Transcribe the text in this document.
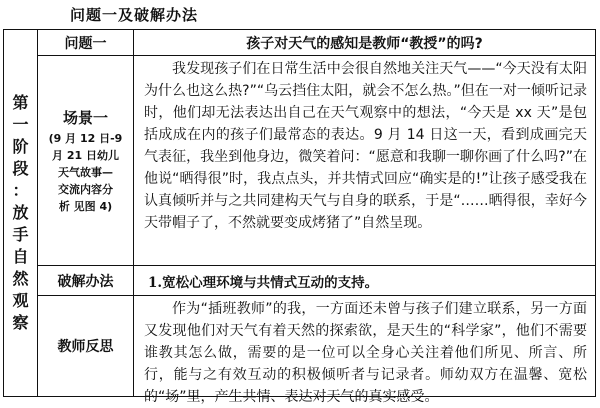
问题一及破解办法
第
一
阶
段
：
放
手
自
然
观
察
问题一	孩子对天气的感知是教师“教授”的吗?
场景一
(9 月 12 日-9
月 21 日幼儿
天气故事—
交流内容分
析 见图 4)
我发现孩子们在日常生活中会很自然地关注天气——“今天没有太阳为什么也这么热?”“乌云挡住太阳，就会不怎么热。”但在一对一倾听记录时，他们却无法表达出自己在天气观察中的想法，“今天是 xx 天”是包括成成在内的孩子们最常态的表达。9 月 14 日这一天，看到成画完天气表征，我坐到他身边，微笑着问：“愿意和我聊一聊你画了什么吗?”在他说“晒得很”时，我点点头，并共情式回应“确实是的!”让孩子感受我在认真倾听并与之共同建构天气与自身的联系，于是“……晒得很，幸好今天带帽子了，不然就要变成烤猪了”自然呈现。
破解办法	1.宽松心理环境与共情式互动的支持。
教师反思
作为“插班教师”的我，一方面还未曾与孩子们建立联系，另一方面又发现他们对天气有着天然的探索欲，是天生的“科学家”，他们不需要谁教其怎么做，需要的是一位可以全身心关注着他们所见、所言、所行，能与之有效互动的积极倾听者与记录者。师幼双方在温馨、宽松的“场”里，产生共情、表达对天气的真实感受。
